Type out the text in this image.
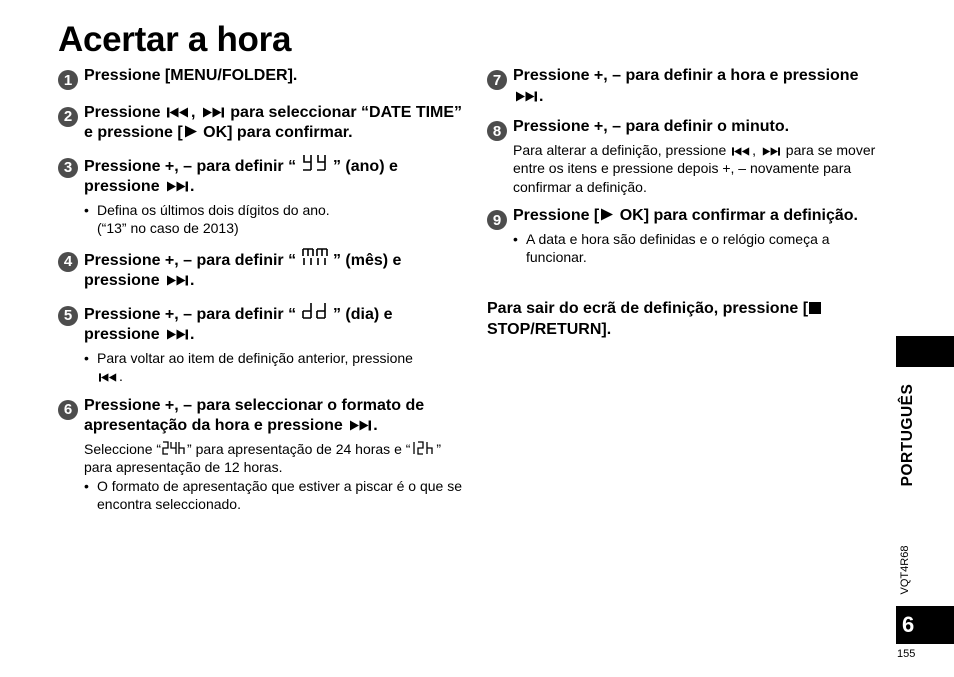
Acertar a hora
1 Pressione [MENU/FOLDER].
2 Pressione ,  para seleccionar “DATE TIME” e pressione [ OK] para confirmar.
3 Pressione +, – para definir “  ” (ano) e pressione .
• Defina os últimos dois dígitos do ano.
(“13” no caso de 2013)
4 Pressione +, – para definir “  ” (mês) e pressione .
5 Pressione +, – para definir “  ” (dia) e pressione .
• Para voltar ao item de definição anterior, pressione
.
6 Pressione +, – para seleccionar o formato de apresentação da hora e pressione .
Seleccione “ ” para apresentação de 24 horas e “ ” para apresentação de 12 horas.
• O formato de apresentação que estiver a piscar é o que se encontra seleccionado.
7 Pressione +, – para definir a hora e pressione .
8 Pressione +, – para definir o minuto.
Para alterar a definição, pressione ,  para se mover entre os itens e pressione depois +, – novamente para confirmar a definição.
9 Pressione [ OK] para confirmar a definição.
• A data e hora são definidas e o relógio começa a funcionar.
Para sair do ecrã de definição, pressione [ STOP/RETURN].
PORTUGUÊS
VQT4R68
6
155
